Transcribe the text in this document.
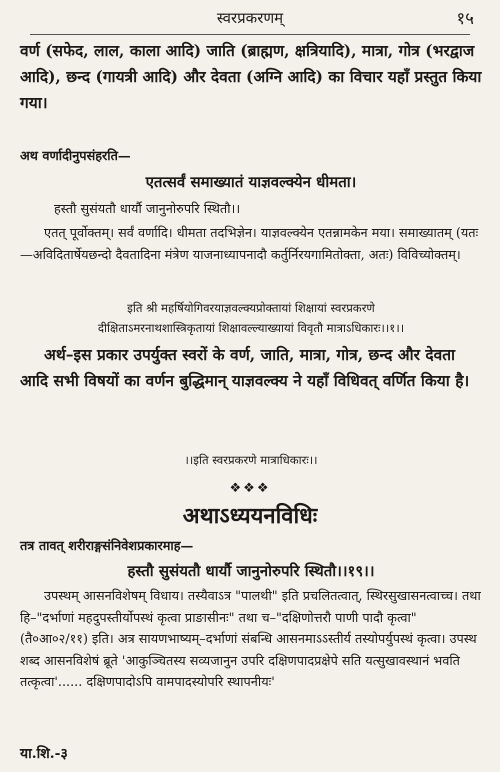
स्वरप्रकरणम्	१५
वर्ण (सफेद, लाल, काला आदि) जाति (ब्राह्मण, क्षत्रियादि), मात्रा, गोत्र (भरद्वाज आदि), छन्द (गायत्री आदि) और देवता (अग्नि आदि) का विचार यहाँ प्रस्तुत किया गया।
अथ वर्णादीनुपसंहरति—
एतत्सर्वं समाख्यातं याज्ञवल्क्येन धीमता।
हस्तौ सुसंयतौ धार्यौ जानुनोरुपरि स्थितौ।।
एतत् पूर्वोक्तम्। सर्वं वर्णादि। धीमता तदभिज्ञेन। याज्ञवल्क्येन एतन्नामकेन मया। समाख्यातम् (यतः—अविदितार्षेयछन्दो दैवतादिना मंत्रेण याजनाध्यापनादौ कर्तुर्निरयगामितोक्ता, अतः) विविच्योक्तम्।
इति श्री महर्षियोगिवरयाज्ञवल्क्यप्रोक्तायां शिक्षायां स्वरप्रकरणे
दीक्षिताऽमरनाथशास्त्रिकृतायां शिक्षावल्ल्याख्यायां विवृतौ मात्राऽधिकारः।।१।।
अर्थ–इस प्रकार उपर्युक्त स्वरों के वर्ण, जाति, मात्रा, गोत्र, छन्द और देवता आदि सभी विषयों का वर्णन बुद्धिमान् याज्ञवल्क्य ने यहाँ विधिवत् वर्णित किया है।
।।इति स्वरप्रकरणे मात्राधिकारः।।
❖❖❖
अथाऽध्ययनविधिः
तत्र तावत् शरीराङ्गसंनिवेशप्रकारमाह—
हस्तौ सुसंयतौ धार्यौ जानुनोरुपरि स्थितौ।।१९।।
उपस्थम् आसनविशेषम् विधाय। तस्यैवाऽत्र "पालथी" इति प्रचलितत्वात्, स्थिरसुखासनत्वाच्च। तथा हि–"दर्भाणां महदुपस्तीर्योपस्थं कृत्वा प्राङासीनः" तथा च–"दक्षिणोत्तरौ पाणी पादौ कृत्वा" (तै०आ०२/११) इति। अत्र सायणभाष्यम्–दर्भाणां संबन्धि आसनमाऽऽस्तीर्य तस्योपर्युपस्थं कृत्वा। उपस्थ शब्द आसनविशेषं ब्रूते 'आकुञ्चितस्य सव्यजानुन उपरि दक्षिणपादप्रक्षेपे सति यत्सुखावस्थानं भवति तत्कृत्वा'...... दक्षिणपादोऽपि वामपादस्योपरि स्थापनीयः'
या.शि.-३
